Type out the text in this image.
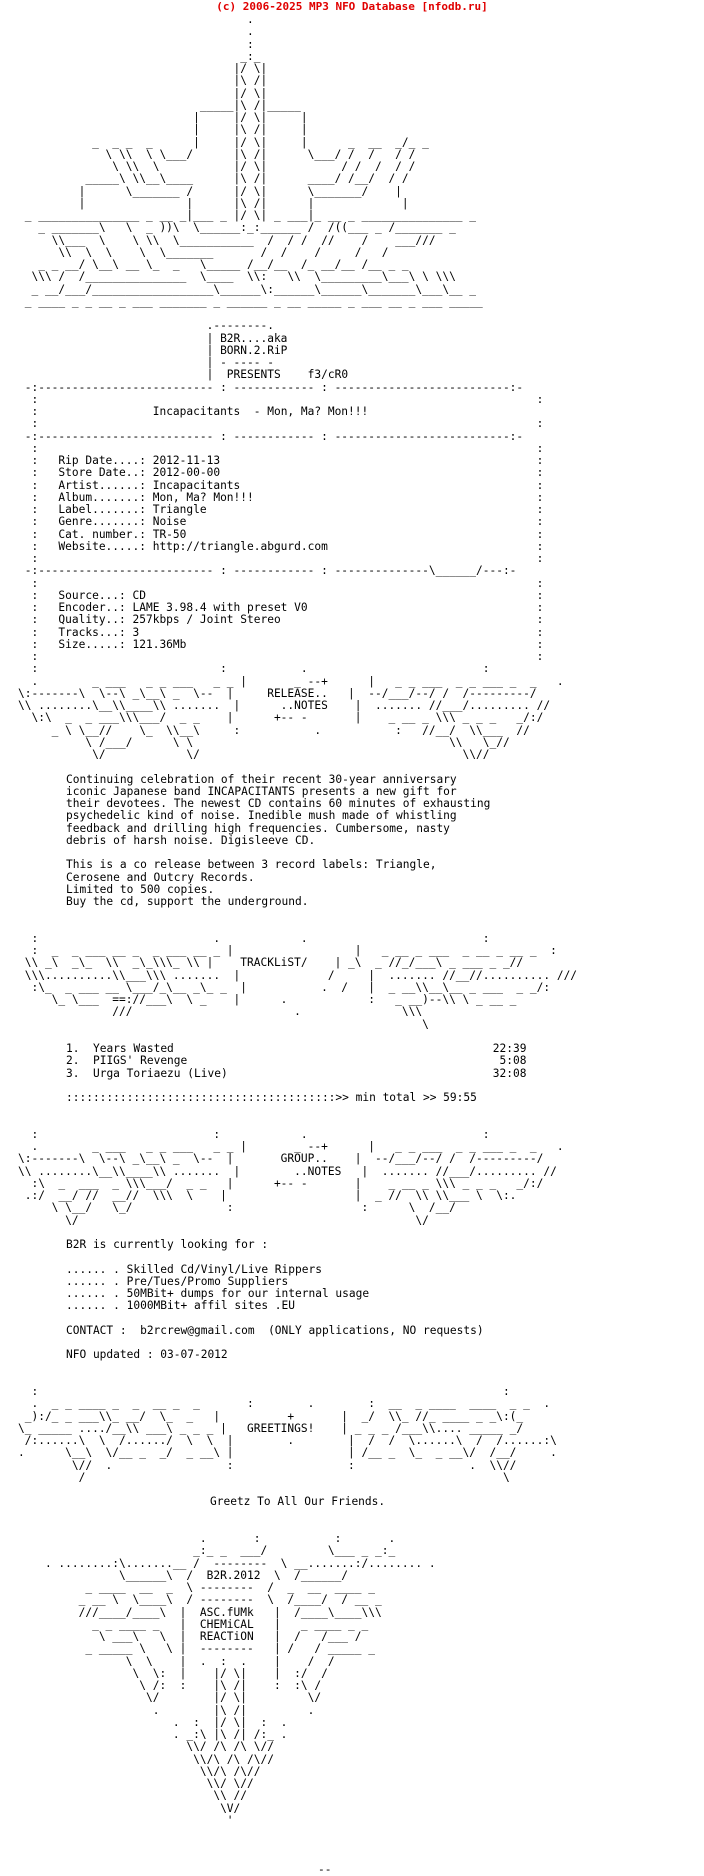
(c) 2006-2025 MP3 NFO Database [nfodb.ru]
.
.
:
_:_
|/ \|
|\ /|
|/ \|
_____|\ /|_____
|     |/ \|     |
|     |\ /|     |
_  _ _  _      |     |/ \|     |      _  __  _/_ _
\ \\  \ \___/      |\ /|      \___/ /  /   / /
\ \\  \           |/ \|           / /  /  / /
_____\ \\__\____      |\ /|      ____/ /__/  / /
|      \_______ /      |/ \|      \_______/    |
|               |      |\ /|      |             |
_ _______________ _ __ _|___ _ |/ \| _ ___|_ __ _ _______________ _
_ _______\   \  _ ))\  \______:_:______ /  /((___ _ /_______ _
\\___  \    \ \\  \___________  /  / /  //    /    ___///
\\  \  \    \  \_______       /  /    /     /   /
_ _ __/ \__\ __ \_  _   \_____ /__/__  /_ __/__ /__ _ _
\\\ /  /_______________  \____  \\:   \\  \_________\___\ \ \\\
_ __/___/__________________\______\:______\______\_______\___\__ _
_ ____ _ _ __ _ ___ _______ _ ______ _ __ _____ _ ___ __ _ ___ _____

.--------.
| B2R....aka
| BORN.2.RiP
| - ---- -
|  PRESENTS f3/cR0
-:-------------------------- : ------------ : --------------------------:-
:                                                                          :
:	Incapacitants  - Mon, Ma? Mon!!!
:                                                                          :
-:-------------------------- : ------------ : --------------------------:-
:                                                                          :
:   Rip Date....: 2012-11-13                                               :
:   Store Date..: 2012-00-00                                               :
:   Artist......: Incapacitants                                            :
:   Album.......: Mon, Ma? Mon!!!                                          :
:   Label.......: Triangle                                                 :
:   Genre.......: Noise                                                    :
:   Cat. number.: TR-50                                                    :
:   Website.....: http://triangle.abgurd.com                               :
:                                                                          :
-:-------------------------- : ------------ : --------------\______/---:-
:                                                                          :
:   Source...: CD                                                          :
:   Encoder..: LAME 3.98.4 with preset V0                                  :
:   Quality..: 257kbps / Joint Stereo                                      :
:   Tracks...: 3                                                           :
:   Size.....: 121.36Mb                                                    :
:                                                                          :
:                           :           .                          :
.        _ ___   _ _ ___   _ _ |       _ --+      |   _ _ ___  _ _ ___ _  _   .
\:-------\  \--\ _\__\ _  \--  |     RELEASE..   |  --/___/--/ /  /---------/
\\ ........\__\\____\\ .......  |      ..NOTES    |  ....... //___/......... //
\:\  _  _ ___\\\___/  _ _    |      +-- -       |    _ __ _ \\\ _ _ _   _/:/
_ \ \__//    \_  \\__\     :           .           :   //__/  \\___  //
\ /___/      \ \                                      \\   \_//
\/            \/                                       \\//

Continuing celebration of their recent 30-year anniversary
iconic Japanese band INCAPACITANTS presents a new gift for
their devotees. The newest CD contains 60 minutes of exhausting
psychedelic kind of noise. Inedible mush made of whistling
feedback and drilling high frequencies. Cumbersome, nasty
debris of harsh noise. Digisleeve CD.

This is a co release between 3 record labels: Triangle,
Cerosene and Outcry Records.
Limited to 500 copies.
Buy the cd, support the underground.

:                          .            .                          :
:  _  _ ___ __ _  _ ___ __ _ |                  |   _ __ _ ___  _ __ _ __ _  :
\\ _\  _\_  \\  _\_\\\_ \\ |    TRACKLiST/    | _\  _ //_/___\ _ ___ _ _//
\\\..........\\___\\\ .......  |             /     |  ....... //__//.......... ///
:\_  _ ___ __ \___/_\__ _\_ _  |           .  /   |  _ __\\__\__ _ ___  _ _/:
\_ \___  ==://___\  \ _    |      .            :   _ __)--\\ \ _ __ _
///                        .               \\\
\

1. Years Wasted	22:39
2. PIIGS' Revenge	5:08
3. Urga Toriaezu (Live)	32:08

::::::::::::::::::::::::::::::::::::::::>> min total >> 59:55

:                          :            .                          :
.        _ ___   _ _ ___   _ _ |       _ --+      |   _ _ ___  _ _ ___ _  _   .
\:-------\  \--\ _\__\ _  \--  |       GROUP..    |  --/___/--/ /  /---------/
\\ ........\__\\____\\ .......  |        ..NOTES   |  ....... //___/......... //
:\  _  ___  _ \\\___/  _ _   |      +-- -       |    _ __ _ \\\ _ _ _   _/:/
.:/  __/ //  __//  \\\  \    |                   |  _ //  \\ \\___ \  \:.
\ \__/   \_/              :                   :      \  /__/
\/                                                  \/

B2R is currently looking for :

...... . Skilled Cd/Vinyl/Live Rippers
...... . Pre/Tues/Promo Suppliers
...... . 50MBit+ dumps for our internal usage
...... . 1000MBit+ affil sites .EU

CONTACT :  b2rcrew@gmail.com  (ONLY applications, NO requests)

NFO updated : 03-07-2012

:                                                                     :
.  _ _ ____ _  _  __ _  _       :        .        :  __  _ ____  ____  _ _  .
_):/_ _ ___\\_ __/  \_  _   |          +       |  _/  \\_ //_ ____ _ _\:(_
\_ _____ ..../__\\ ___\ _ _ _ |   GREETINGS!    | _ _ _ /___\\.... _____ _/
/:......\  \  /....../  \  \  |        .        |  /  /  \......\  /  /......:\
.      \__\  \/__ _  _/  _ __\ |                 | /__ _  \_  _ __\/  /__/     .
\//  .                 :                 :                 .  \\//
/                                                              \

Greetz To All Our Friends.

.       :           :       .
_:_ _  ___/         \___ _ _:_
. ........:\.......__ /  --------  \ __.......:/........ .
\______\  /  B2R.2012  \  /______/
_ ____  __  _  \ --------  /  _  __  ____ _
_ __ \  \____\  / --------  \  /____/  / __ _
///____/____\  |  ASC.fUMk   |  /____\____\\\
_ _ ____ _   |  CHEMiCAL   |   _ ____ _ _
\ ___\   \  |  REACTiON   |  /   /___ /
_ _____ \   \ |  --------   | /   / _____ _
\  \    |  .  :  .    |    /  /
\  \:  |    |/ \|    |  :/  /
\ /:  :    |\ /|    :  :\ /
\/        |/ \|         \/
.        |\ /|         .
.  :  |/ \|  :  .
. _:\ |\ /| /:_ .
\\/ /\ /\ \//
\\/\ /\ /\//
\\/\ /\//
\\/ \//
\\ //
\V/
'

--
